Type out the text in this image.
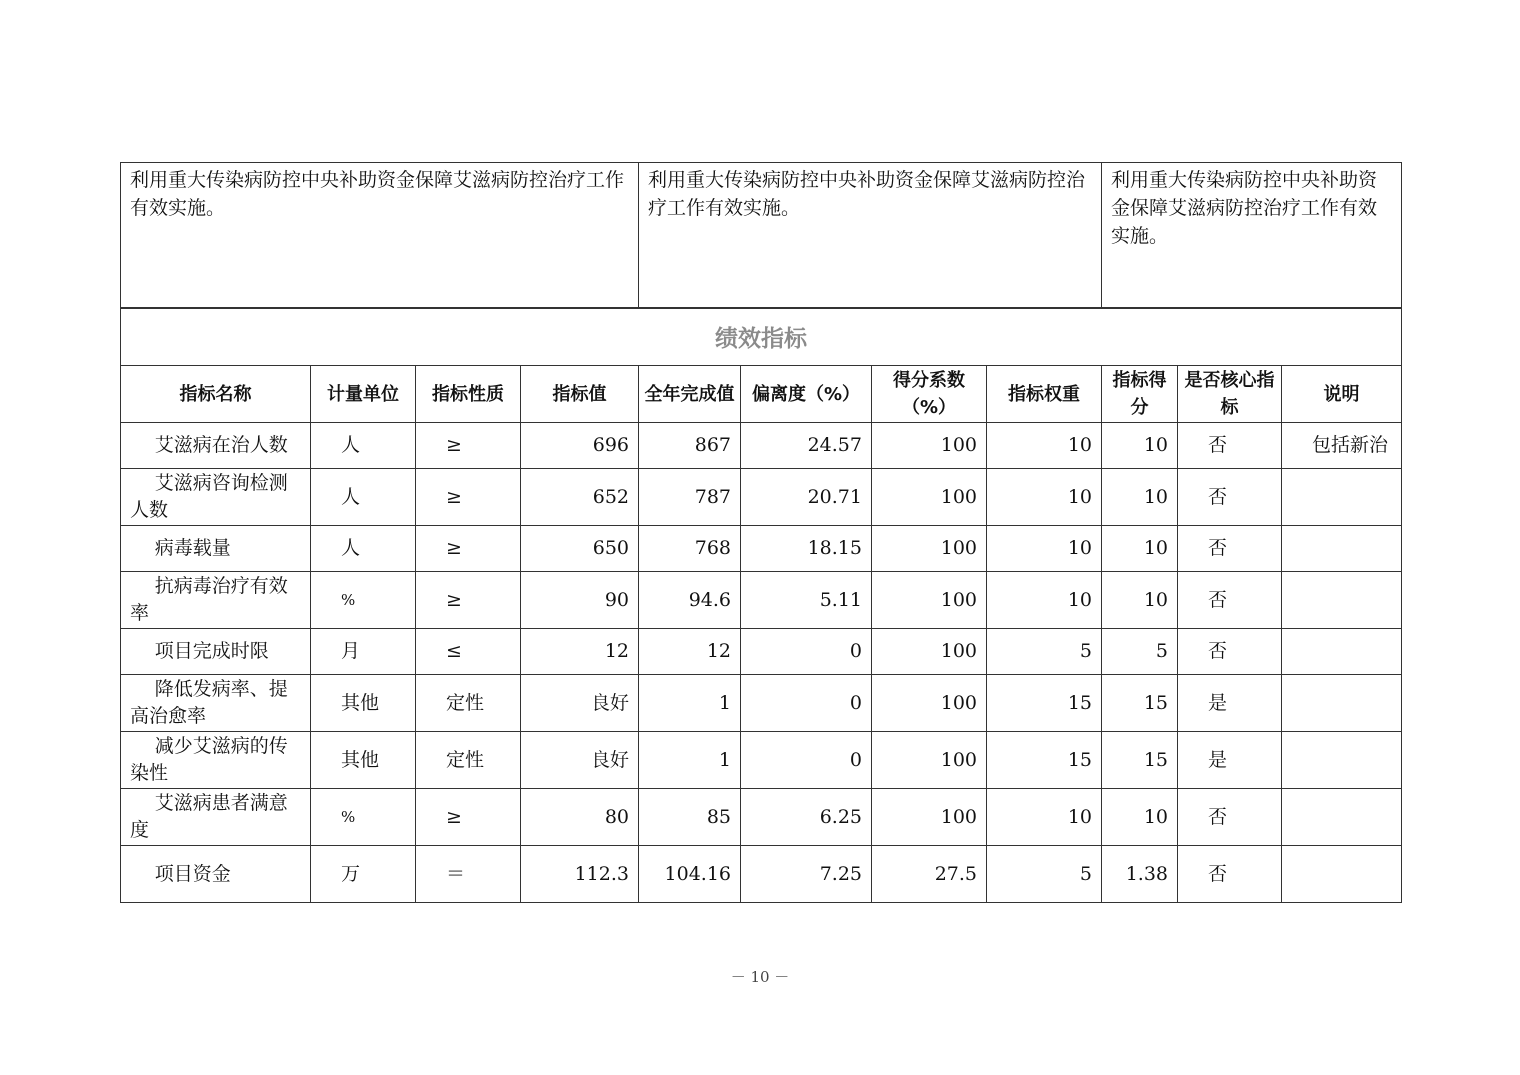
利用重大传染病防控中央补助资金保障艾滋病防控治疗工作有效实施。	利用重大传染病防控中央补助资金保障艾滋病防控治疗工作有效实施。	利用重大传染病防控中央补助资金保障艾滋病防控治疗工作有效实施。
绩效指标										
指标名称	计量单位	指标性质	指标值	全年完成值	偏离度（%）	得分系数（%）	指标权重	指标得分	是否核心指标	说明
艾滋病在治人数	人	≥	696	867	24.57	100	10	10	否	包括新治
艾滋病咨询检测人数	人	≥	652	787	20.71	100	10	10	否	
病毒载量	人	≥	650	768	18.15	100	10	10	否	
抗病毒治疗有效率	%	≥	90	94.6	5.11	100	10	10	否	
项目完成时限	月	≤	12	12	0	100	5	5	否	
降低发病率、提高治愈率	其他	定性	良好	1	0	100	15	15	是	
减少艾滋病的传染性	其他	定性	良好	1	0	100	15	15	是	
艾滋病患者满意度	%	≥	80	85	6.25	100	10	10	否	
项目资金	万	＝	112.3	104.16	7.25	27.5	5	1.38	否	
－ 10 －
